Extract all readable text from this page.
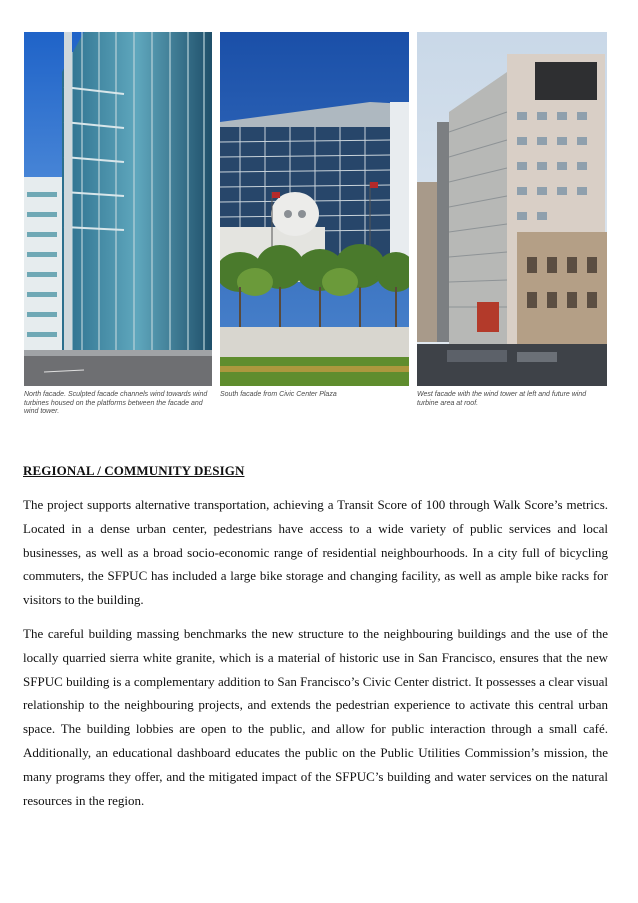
North facade. Sculpted facade channels wind towards wind turbines housed on the platforms between the facade and wind tower.
South facade from Civic Center Plaza	West facade with the wind tower at left and future wind turbine area at roof.
REGIONAL / COMMUNITY DESIGN

The project supports alternative transportation, achieving a Transit Score of 100 through Walk Score’s metrics. Located in a dense urban center, pedestrians have access to a wide variety of public services and local businesses, as well as a broad socio-economic range of residential neighbourhoods. In a city full of bicycling commuters, the SFPUC has included a large bike storage and changing facility, as well as ample bike racks for visitors to the building.

The careful building massing benchmarks the new structure to the neighbouring buildings and the use of the locally quarried sierra white granite, which is a material of historic use in San Francisco, ensures that the new SFPUC building is a complementary addition to San Francisco’s Civic Center district. It possesses a clear visual relationship to the neighbouring projects, and extends the pedestrian experience to activate this central urban space. The building lobbies are open to the public, and allow for public interaction through a small café. Additionally, an educational dashboard educates the public on the Public Utilities Commission’s mission, the many programs they offer, and the mitigated impact of the SFPUC’s building and water services on the natural resources in the region.
